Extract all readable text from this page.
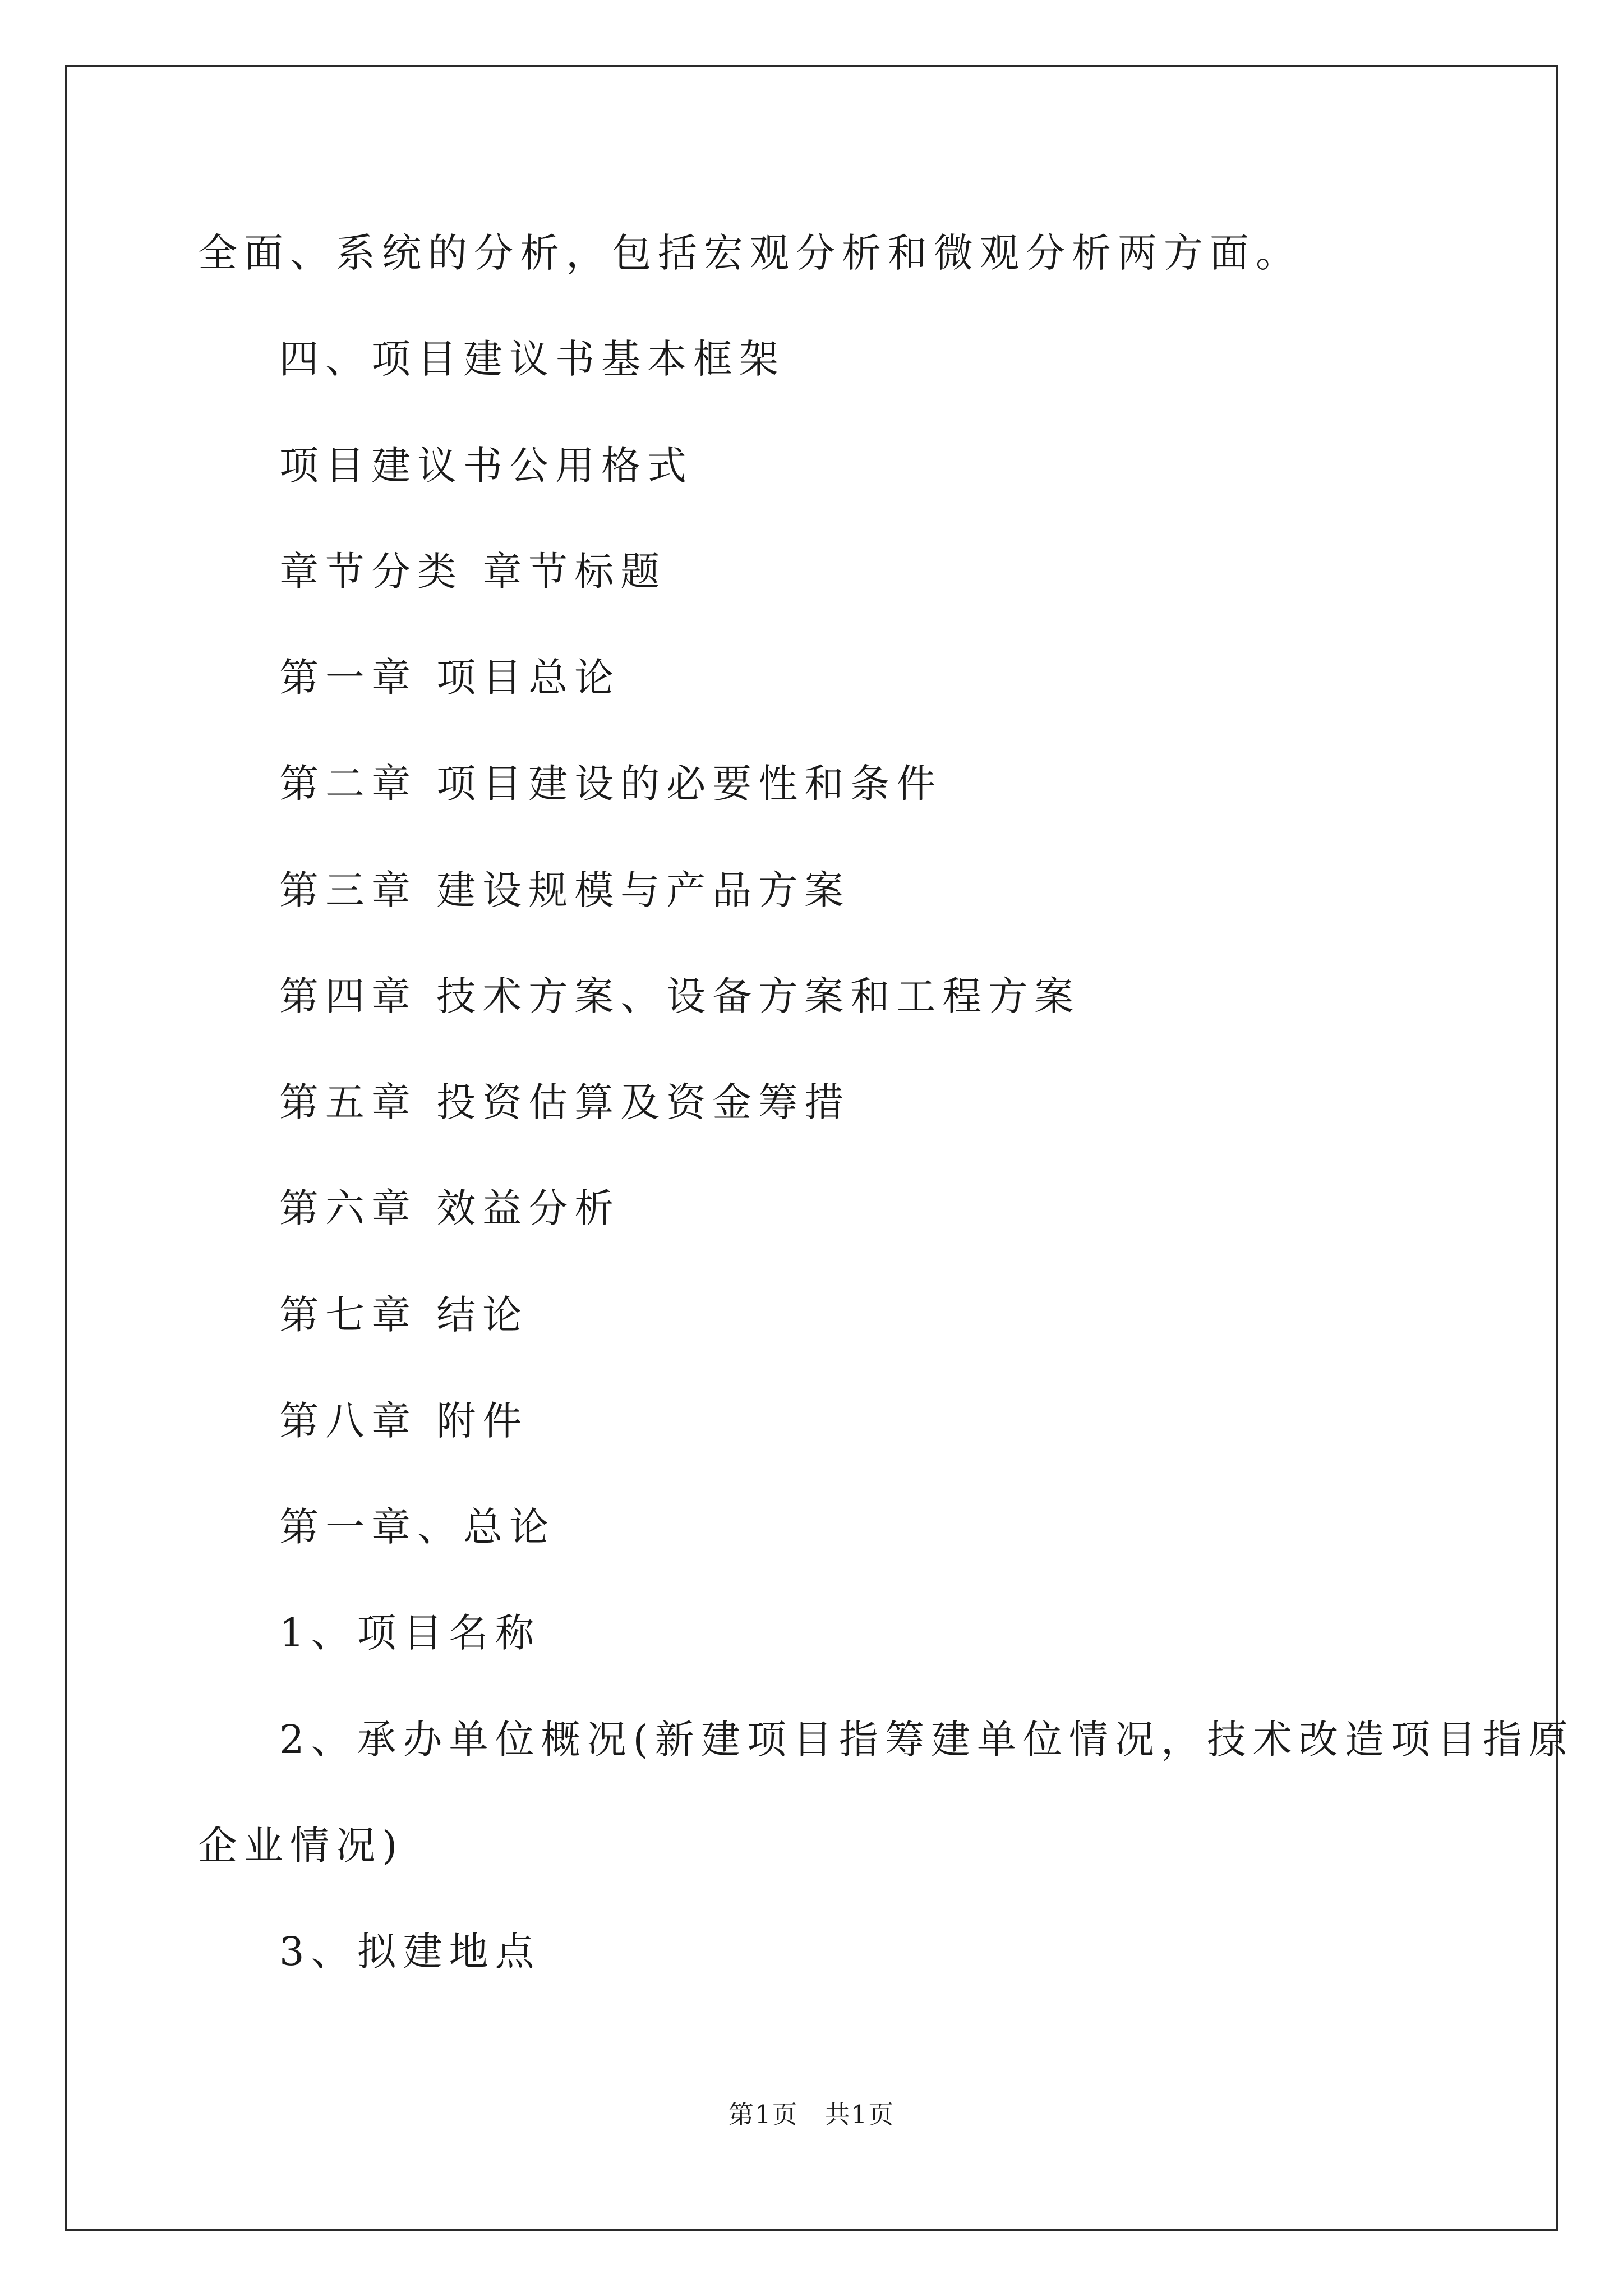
全面、系统的分析，包括宏观分析和微观分析两方面。

四、项目建议书基本框架

项目建议书公用格式

章节分类 章节标题

第一章 项目总论

第二章 项目建设的必要性和条件

第三章 建设规模与产品方案

第四章 技术方案、设备方案和工程方案

第五章 投资估算及资金筹措

第六章 效益分析

第七章 结论

第八章 附件

第一章、总论

1、项目名称

2、承办单位概况(新建项目指筹建单位情况，技术改造项目指原

企业情况)

3、拟建地点

第1页　共1页
